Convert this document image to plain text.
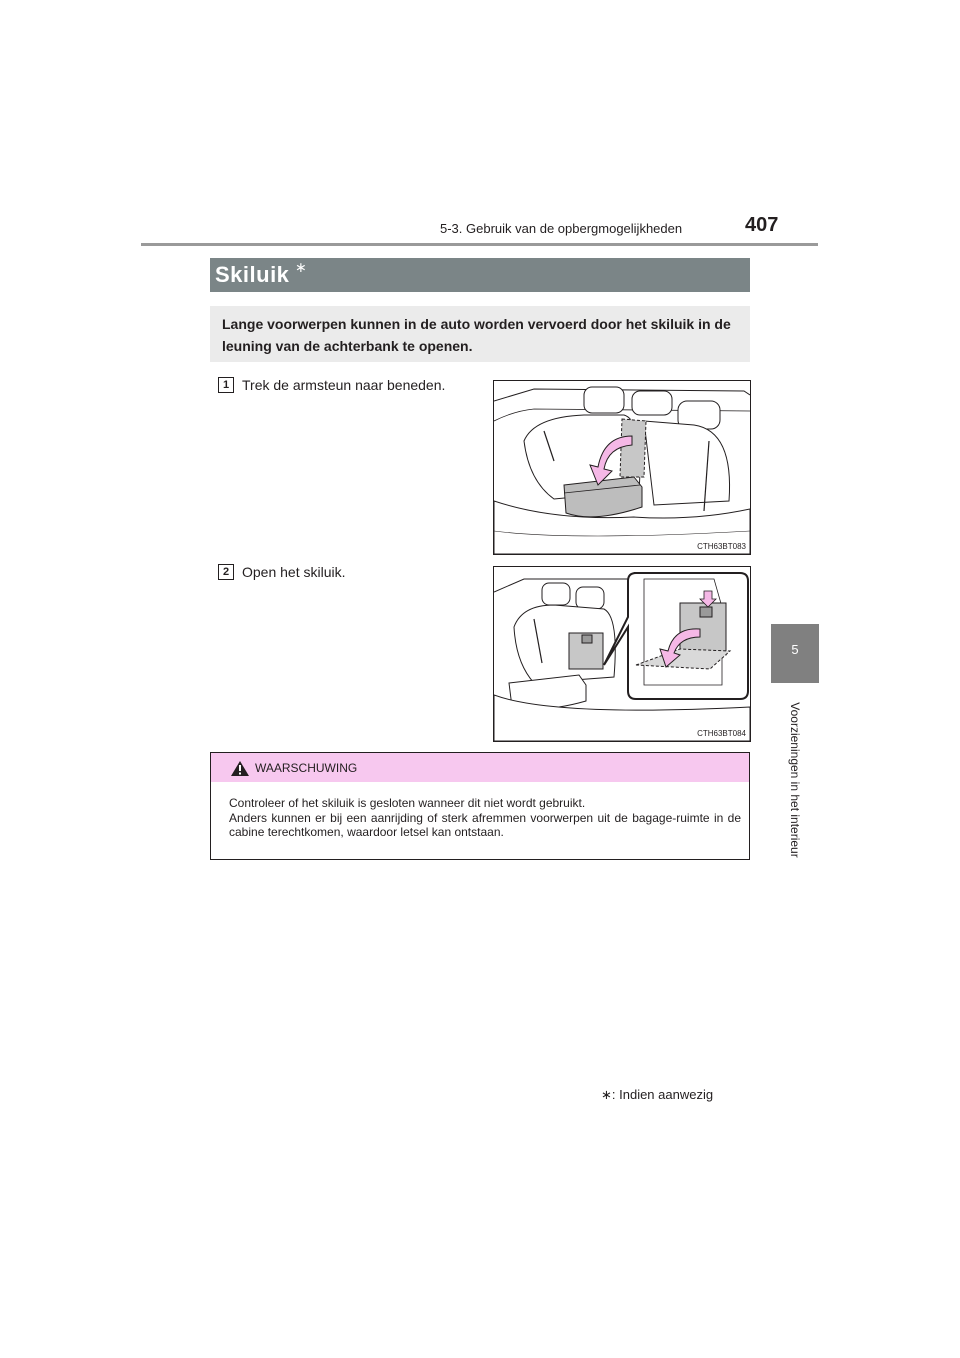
5-3. Gebruik van de opbergmogelijkheden	407
5
Voorzieningen in het interieur
Skiluik ∗
Lange voorwerpen kunnen in de auto worden vervoerd door het skiluik in de leuning van de achterbank te openen.
1 Trek de armsteun naar beneden.
CTH63BT083
2 Open het skiluik.
CTH63BT084
WAARSCHUWING
Controleer of het skiluik is gesloten wanneer dit niet wordt gebruikt.
Anders kunnen er bij een aanrijding of sterk afremmen voorwerpen uit de bagage-ruimte in de cabine terechtkomen, waardoor letsel kan ontstaan.
∗: Indien aanwezig
